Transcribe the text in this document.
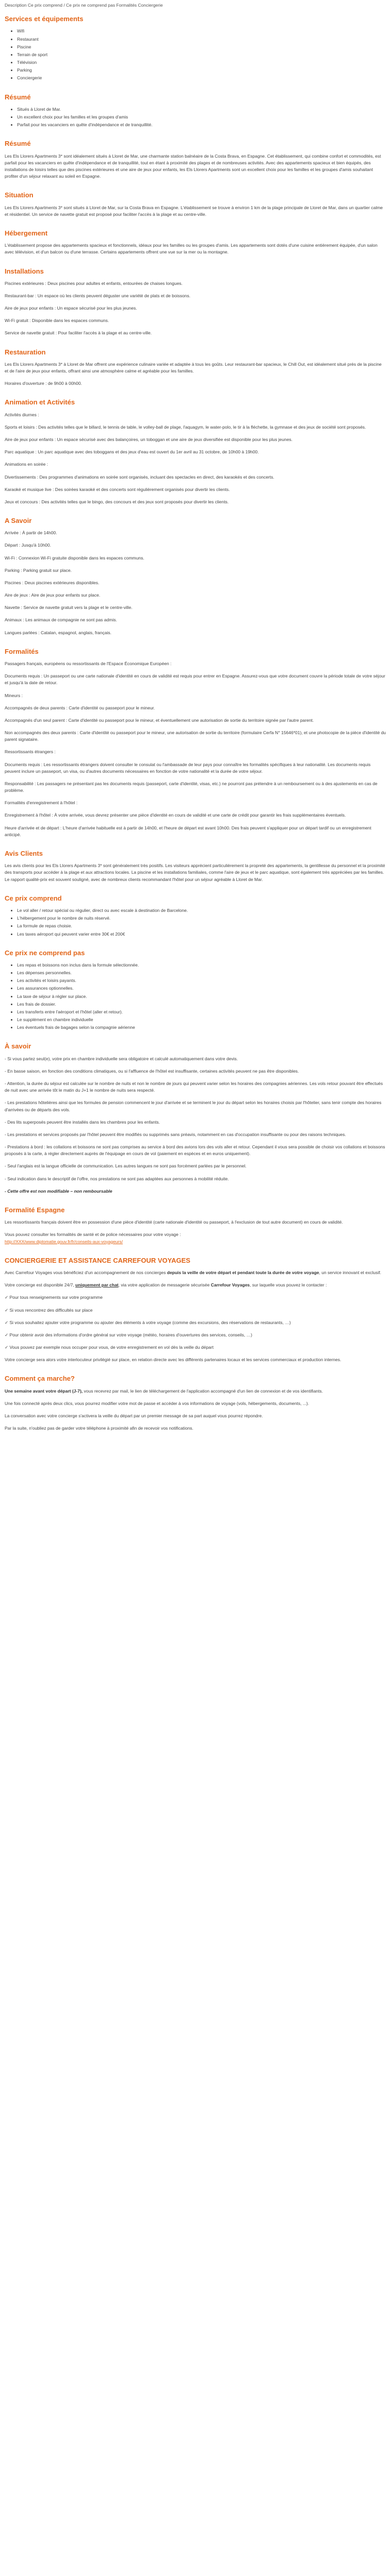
Description Ce prix comprend / Ce prix ne comprend pas Formalités Conciergerie
Services et équipements
• Wifi
• Restaurant
• Piscine
• Terrain de sport
• Télévision
• Parking
• Conciergerie
Résumé
• Situés à Lloret de Mar.
• Un excellent choix pour les familles et les groupes d'amis
• Parfait pour les vacanciers en quête d'indépendance et de tranquillité.
Résumé

Les Els Llorers Apartments 3* sont idéalement situés à Lloret de Mar, une charmante station balnéaire de la Costa Brava, en Espagne. Cet établissement, qui combine confort et commodités, est parfait pour les vacanciers en quête d'indépendance et de tranquillité, tout en étant à proximité des plages et de nombreuses activités. Avec des appartements spacieux et bien équipés, des installations de loisirs telles que des piscines extérieures et une aire de jeux pour enfants, les Els Llorers Apartments sont un excellent choix pour les familles et les groupes d'amis souhaitant profiter d'un séjour relaxant au soleil en Espagne.

Situation

Les Els Llorers Apartments 3* sont situés à Lloret de Mar, sur la Costa Brava en Espagne. L'établissement se trouve à environ 1 km de la plage principale de Lloret de Mar, dans un quartier calme et résidentiel. Un service de navette gratuit est proposé pour faciliter l'accès à la plage et au centre-ville.

Hébergement

L'établissement propose des appartements spacieux et fonctionnels, idéaux pour les familles ou les groupes d'amis. Les appartements sont dotés d'une cuisine entièrement équipée, d'un salon avec télévision, et d'un balcon ou d'une terrasse. Certains appartements offrent une vue sur la mer ou la montagne.

Installations

Piscines extérieures : Deux piscines pour adultes et enfants, entourées de chaises longues.

Restaurant-bar : Un espace où les clients peuvent déguster une variété de plats et de boissons.

Aire de jeux pour enfants : Un espace sécurisé pour les plus jeunes.

Wi-Fi gratuit : Disponible dans les espaces communs.

Service de navette gratuit : Pour faciliter l'accès à la plage et au centre-ville.

Restauration

Les Els Llorers Apartments 3* à Lloret de Mar offrent une expérience culinaire variée et adaptée à tous les goûts. Leur restaurant-bar spacieux, le Chill Out, est idéalement situé près de la piscine et de l'aire de jeux pour enfants, offrant ainsi une atmosphère calme et agréable pour les familles.

Horaires d'ouverture : de 9h00 à 00h00.

Animation et Activités

Activités diurnes :

Sports et loisirs : Des activités telles que le billard, le tennis de table, le volley-ball de plage, l'aquagym, le water-polo, le tir à la fléchette, la gymnase et des jeux de société sont proposés.

Aire de jeux pour enfants : Un espace sécurisé avec des balançoires, un toboggan et une aire de jeux diversifiée est disponible pour les plus jeunes.

Parc aquatique : Un parc aquatique avec des toboggans et des jeux d'eau est ouvert du 1er avril au 31 octobre, de 10h00 à 19h00.

Animations en soirée :

Divertissements : Des programmes d'animations en soirée sont organisés, incluant des spectacles en direct, des karaokés et des concerts.

Karaoké et musique live : Des soirées karaoké et des concerts sont régulièrement organisés pour divertir les clients.

Jeux et concours : Des activités telles que le bingo, des concours et des jeux sont proposés pour divertir les clients.

A Savoir

Arrivée : À partir de 14h00.

Départ : Jusqu'à 10h00.

Wi-Fi : Connexion Wi-Fi gratuite disponible dans les espaces communs.

Parking : Parking gratuit sur place.

Piscines : Deux piscines extérieures disponibles.

Aire de jeux : Aire de jeux pour enfants sur place.

Navette : Service de navette gratuit vers la plage et le centre-ville.

Animaux : Les animaux de compagnie ne sont pas admis.

Langues parlées : Catalan, espagnol, anglais, français.

Formalités

Passagers français, européens ou ressortissants de l'Espace Économique Européen :

Documents requis : Un passeport ou une carte nationale d'identité en cours de validité est requis pour entrer en Espagne. Assurez-vous que votre document couvre la période totale de votre séjour et jusqu'à la date de retour.

Mineurs :

Accompagnés de deux parents : Carte d'identité ou passeport pour le mineur.

Accompagnés d'un seul parent : Carte d'identité ou passeport pour le mineur, et éventuellement une autorisation de sortie du territoire signée par l'autre parent.

Non accompagnés des deux parents : Carte d'identité ou passeport pour le mineur, une autorisation de sortie du territoire (formulaire Cerfa N° 15646*01), et une photocopie de la pièce d'identité du parent signataire.

Ressortissants étrangers :

Documents requis : Les ressortissants étrangers doivent consulter le consulat ou l'ambassade de leur pays pour connaître les formalités spécifiques à leur nationalité. Les documents requis peuvent inclure un passeport, un visa, ou d'autres documents nécessaires en fonction de votre nationalité et la durée de votre séjour.

Responsabilité : Les passagers ne présentant pas les documents requis (passeport, carte d'identité, visas, etc.) ne pourront pas prétendre à un remboursement ou à des ajustements en cas de problème.

Formalités d'enregistrement à l'hôtel :

Enregistrement à l'hôtel : À votre arrivée, vous devrez présenter une pièce d'identité en cours de validité et une carte de crédit pour garantir les frais supplémentaires éventuels.

Heure d'arrivée et de départ : L'heure d'arrivée habituelle est à partir de 14h00, et l'heure de départ est avant 10h00. Des frais peuvent s'appliquer pour un départ tardif ou un enregistrement anticipé.

Avis Clients

Les avis clients pour les Els Llorers Apartments 3* sont généralement très positifs. Les visiteurs apprécient particulièrement la propreté des appartements, la gentillesse du personnel et la proximité des transports pour accéder à la plage et aux attractions locales. La piscine et les installations familiales, comme l'aire de jeux et le parc aquatique, sont également très appréciées par les familles. Le rapport qualité-prix est souvent souligné, avec de nombreux clients recommandant l'hôtel pour un séjour agréable à Lloret de Mar.

Ce prix comprend
• Le vol aller / retour spécial ou régulier, direct ou avec escale à destination de Barcelone.
• L'hébergement pour le nombre de nuits réservé.
• La formule de repas choisie.
• Les taxes aéroport qui peuvent varier entre 30€ et 200€
Ce prix ne comprend pas
• Les repas et boissons non inclus dans la formule sélectionnée.
• Les dépenses personnelles.
• Les activités et loisirs payants.
• Les assurances optionnelles.
• La taxe de séjour à régler sur place.
• Les frais de dossier.
• Les transferts entre l'aéroport et l'hôtel (aller et retour).
• Le supplément en chambre individuelle
• Les éventuels frais de bagages selon la compagnie aérienne
À savoir

- Si vous partez seul(e), votre prix en chambre individuelle sera obligatoire et calculé automatiquement dans votre devis.

- En basse saison, en fonction des conditions climatiques, ou si l'affluence de l'hôtel est insuffisante, certaines activités peuvent ne pas être disponibles.

- Attention, la durée du séjour est calculée sur le nombre de nuits et non le nombre de jours qui peuvent varier selon les horaires des compagnies aériennes. Les vols retour pouvant être effectués de nuit avec une arrivée tôt le matin du J+1 le nombre de nuits sera respecté.

- Les prestations hôtelières ainsi que les formules de pension commencent le jour d'arrivée et se terminent le jour du départ selon les horaires choisis par l'hôtelier, sans tenir compte des horaires d'arrivées ou de départs des vols.

- Des lits superposés peuvent être installés dans les chambres pour les enfants.

- Les prestations et services proposés par l'hôtel peuvent être modifiés ou supprimés sans préavis, notamment en cas d'occupation insuffisante ou pour des raisons techniques.

- Prestations à bord : les collations et boissons ne sont pas comprises au service à bord des avions lors des vols aller et retour. Cependant il vous sera possible de choisir vos collations et boissons proposés à la carte, à régler directement auprès de l'équipage en cours de vol (paiement en espèces et en euros uniquement).

- Seul l'anglais est la langue officielle de communication. Les autres langues ne sont pas forcément parlées par le personnel.

- Seul indication dans le descriptif de l'offre, nos prestations ne sont pas adaptées aux personnes à mobilité réduite.

- Cette offre est non modifiable – non remboursable

Formalité Espagne

Les ressortissants français doivent être en possession d'une pièce d'identité (carte nationale d'identité ou passeport, à l'exclusion de tout autre document) en cours de validité.

Vous pouvez consulter les formalités de santé et de police nécessaires pour votre voyage :
http://XXX/www.diplomatie.gouv.fr/fr/conseils-aux-voyageurs/

CONCIERGERIE ET ASSISTANCE CARREFOUR VOYAGES

Avec Carrefour Voyages vous bénéficiez d'un accompagnement de nos concierges depuis la veille de votre départ et pendant toute la durée de votre voyage, un service innovant et exclusif.

Votre concierge est disponible 24/7, uniquement par chat, via votre application de messagerie sécurisée Carrefour Voyages, sur laquelle vous pouvez le contacter :

✓ Pour tous renseignements sur votre programme

✓ Si vous rencontrez des difficultés sur place

✓ Si vous souhaitez ajouter votre programme ou ajouter des éléments à votre voyage (comme des excursions, des réservations de restaurants, …)

✓ Pour obtenir avoir des informations d'ordre général sur votre voyage (météo, horaires d'ouvertures des services, conseils, …)

✓ Vous pouvez par exemple nous occuper pour vous, de votre enregistrement en vol dès la veille du départ

Votre concierge sera alors votre interlocuteur privilégié sur place, en relation directe avec les différents partenaires locaux et les services commerciaux et production internes.

Comment ça marche?

Une semaine avant votre départ (J-7), vous recevrez par mail, le lien de téléchargement de l'application accompagné d'un lien de connexion et de vos identifiants.

Une fois connecté après deux clics, vous pourrez modifier votre mot de passe et accéder à vos informations de voyage (vols, hébergements, documents, ...).

La conversation avec votre concierge s'activera la veille du départ par un premier message de sa part auquel vous pourrez répondre.

Par la suite, n'oubliez pas de garder votre téléphone à proximité afin de recevoir vos notifications.
